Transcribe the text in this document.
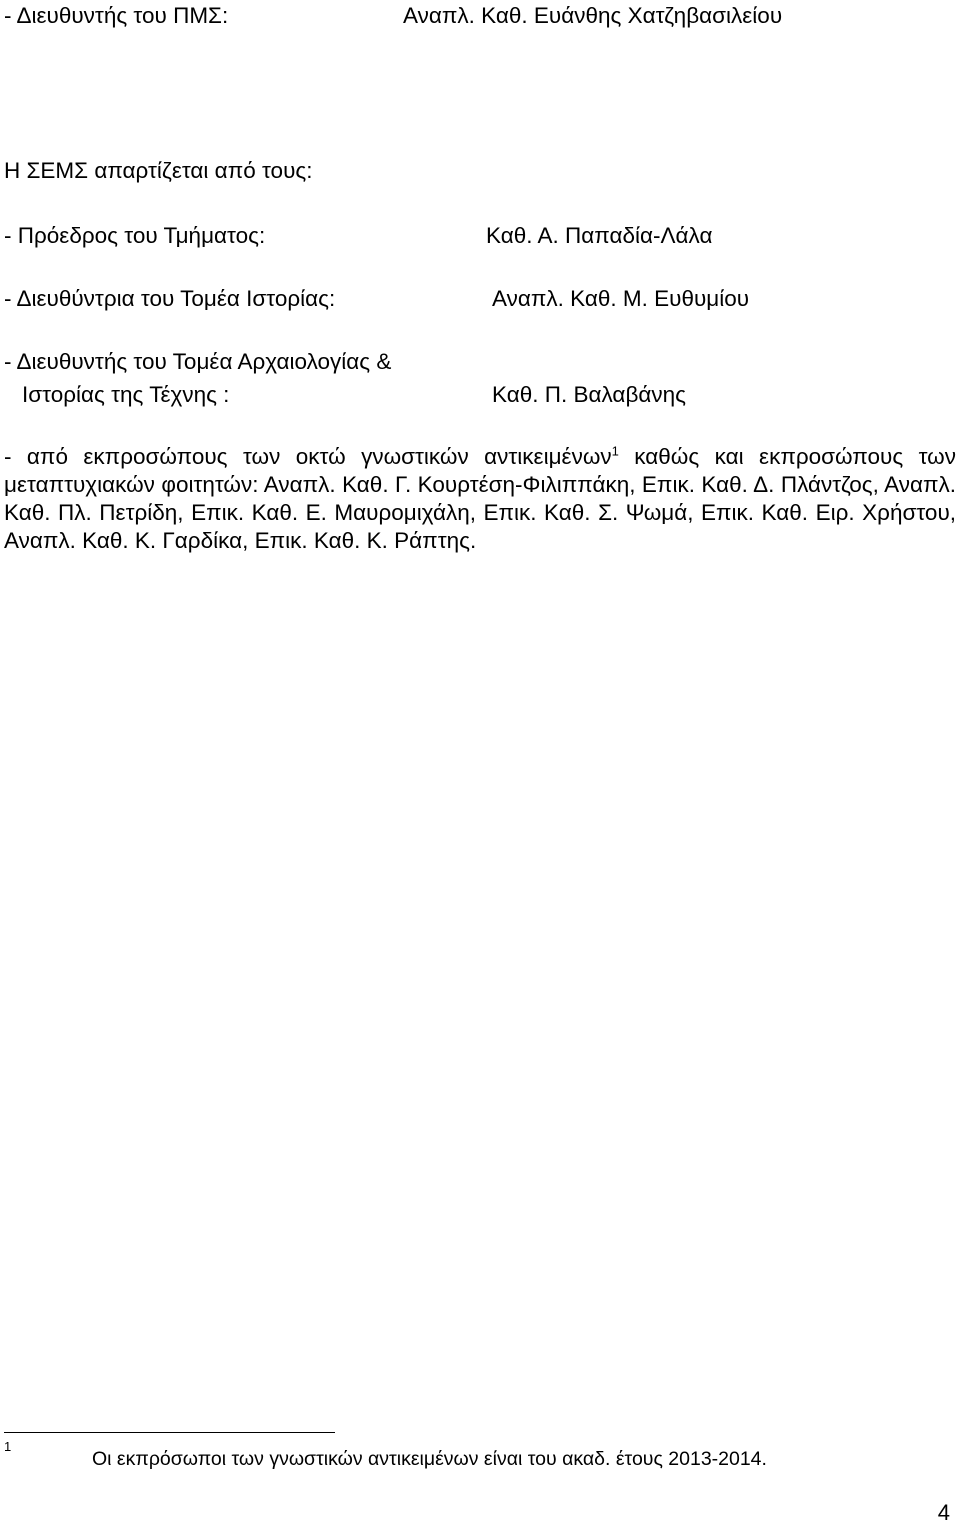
- Διευθυντής του ΠΜΣ:	Αναπλ. Καθ. Ευάνθης Χατζηβασιλείου
Η ΣΕΜΣ απαρτίζεται από τους:
- Πρόεδρος του Τμήματος:	Καθ. Α. Παπαδία-Λάλα
- Διευθύντρια του Τομέα Ιστορίας:	Αναπλ. Καθ. Μ. Ευθυμίου
- Διευθυντής του Τομέα Αρχαιολογίας &
Ιστορίας της Τέχνης :	Καθ. Π. Βαλαβάνης
- από εκπροσώπους των οκτώ γνωστικών αντικειμένων$^1$ καθώς και εκπροσώπους των μεταπτυχιακών φοιτητών: Αναπλ. Καθ. Γ. Κουρτέση-Φιλιππάκη, Επικ. Καθ. Δ. Πλάντζος, Αναπλ. Καθ. Πλ. Πετρίδη, Επικ. Καθ. Ε. Μαυρομιχάλη, Επικ. Καθ. Σ. Ψωμά, Επικ. Καθ. Ειρ. Χρήστου, Αναπλ. Καθ. Κ. Γαρδίκα, Επικ. Καθ. Κ. Ράπτης.
1
Οι εκπρόσωποι των γνωστικών αντικειμένων είναι του ακαδ. έτους 2013-2014.
4
